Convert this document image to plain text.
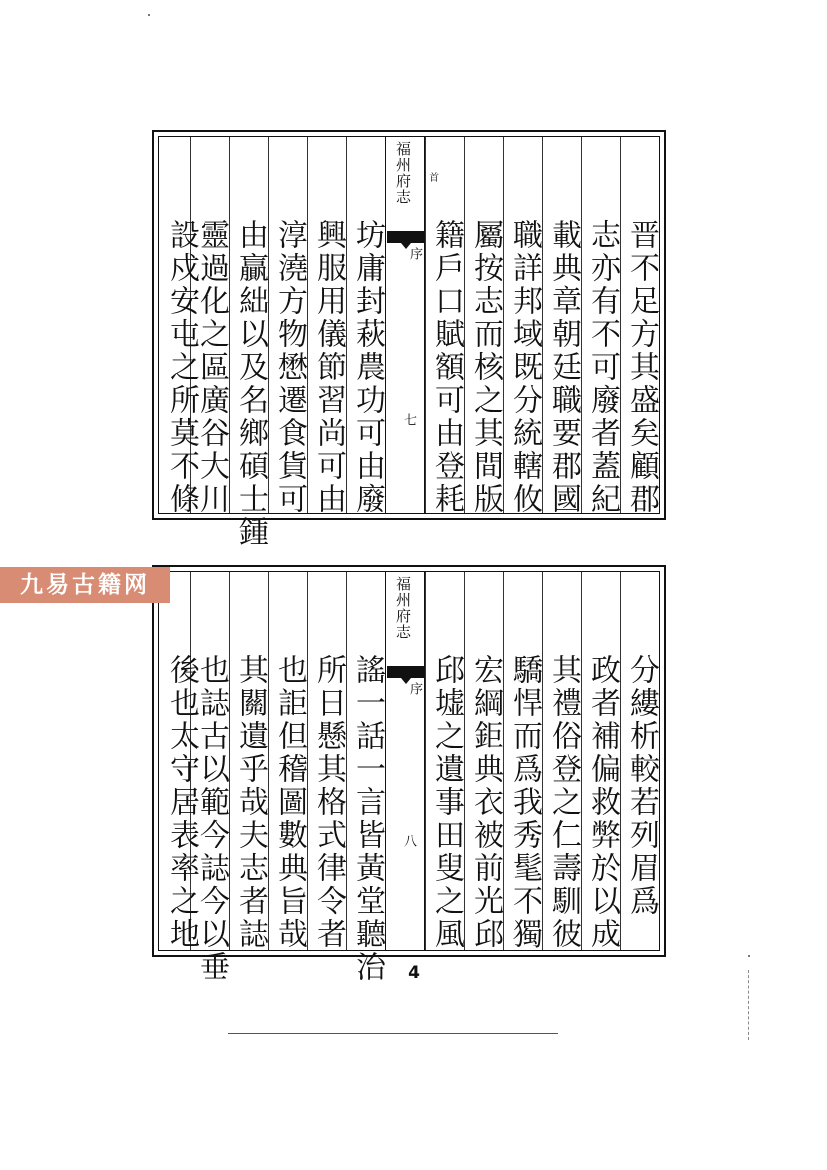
晋不足方其盛矣顧郡
志亦有不可廢者蓋紀
載典章朝廷職要郡國
職詳邦域既分統轄攸
屬按志而核之其間版
籍戶口賦額可由登耗
福州府志
序
七
首
坊庸封萩農功可由廢
興服用儀節習尚可由
淳澆方物懋遷食貨可
由贏絀以及名鄉碩士鍾
靈過化之區廣谷大川
設戍安屯之所莫不條
分縷析較若列眉爲
政者補偏救弊於以成
其禮俗登之仁壽馴彼
驕悍而爲我秀髦不獨
宏綱鉅典衣被前光邱
邱墟之遺事田叟之風
福州府志
序
八
謠一話一言皆黃堂聽治
所日懸其格式律令者
也詎但稽圖數典旨哉
其關遺乎哉夫志者誌
也誌古以範今誌今以垂
後也太守居表率之地
九易古籍网
4
